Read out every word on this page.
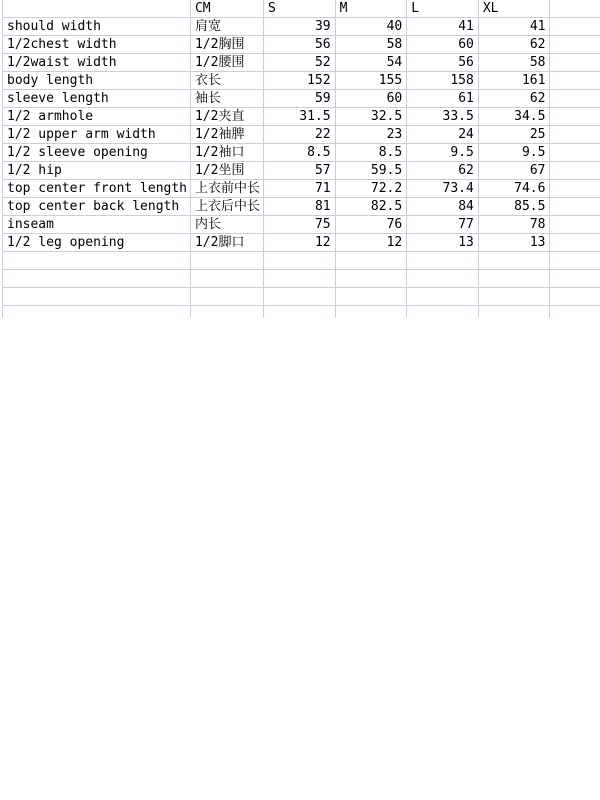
	CM	S	M	L	XL	
should width	肩宽	39	40	41	41	
1/2chest width	1/2胸围	56	58	60	62	
1/2waist width	1/2腰围	52	54	56	58	
body length	衣长	152	155	158	161	
sleeve length	袖长	59	60	61	62	
1/2 armhole	1/2夹直	31.5	32.5	33.5	34.5	
1/2 upper arm width	1/2袖脾	22	23	24	25	
1/2 sleeve opening	1/2袖口	8.5	8.5	9.5	9.5	
1/2 hip	1/2坐围	57	59.5	62	67	
top center front length	上衣前中长	71	72.2	73.4	74.6	
top center back length	上衣后中长	81	82.5	84	85.5	
inseam	内长	75	76	77	78	
1/2 leg opening	1/2脚口	12	12	13	13	
